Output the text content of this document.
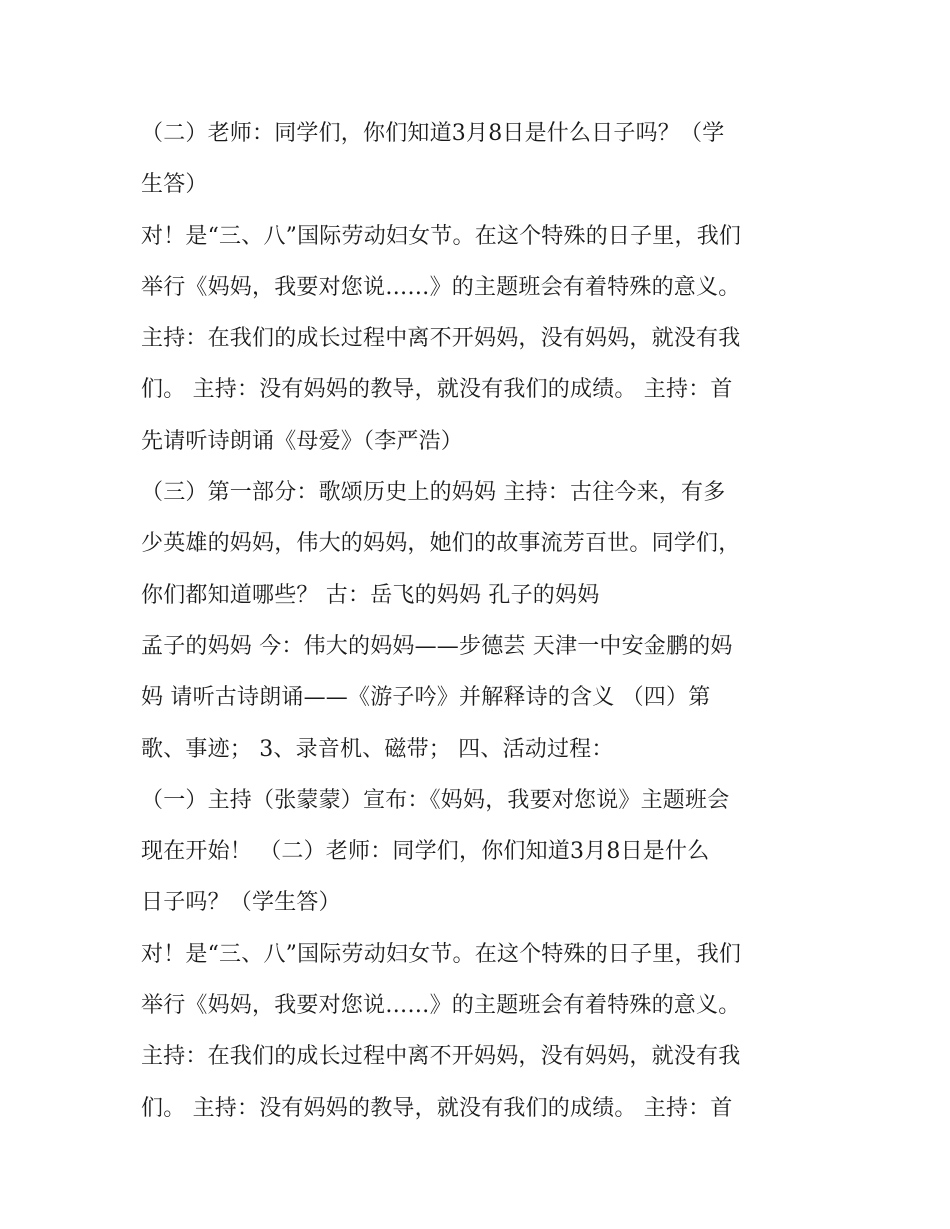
（二）老师：同学们，你们知道3月8日是什么日子吗？（学
生答）
对！是“三、八”国际劳动妇女节。在这个特殊的日子里，我们
举行《妈妈，我要对您说……》的主题班会有着特殊的意义。
主持：在我们的成长过程中离不开妈妈，没有妈妈，就没有我
们。 主持：没有妈妈的教导，就没有我们的成绩。 主持：首
先请听诗朗诵《母爱》（李严浩）
（三）第一部分：歌颂历史上的妈妈 主持：古往今来，有多
少英雄的妈妈，伟大的妈妈，她们的故事流芳百世。同学们，
你们都知道哪些？ 古：岳飞的妈妈 孔子的妈妈
孟子的妈妈 今：伟大的妈妈——步德芸 天津一中安金鹏的妈
妈 请听古诗朗诵——《游子吟》并解释诗的含义 （四）第
歌、事迹； 3、录音机、磁带； 四、活动过程：
（一）主持（张蒙蒙）宣布：《妈妈，我要对您说》主题班会
现在开始！ （二）老师：同学们，你们知道3月8日是什么
日子吗？（学生答）
对！是“三、八”国际劳动妇女节。在这个特殊的日子里，我们
举行《妈妈，我要对您说……》的主题班会有着特殊的意义。
主持：在我们的成长过程中离不开妈妈，没有妈妈，就没有我
们。 主持：没有妈妈的教导，就没有我们的成绩。 主持：首
